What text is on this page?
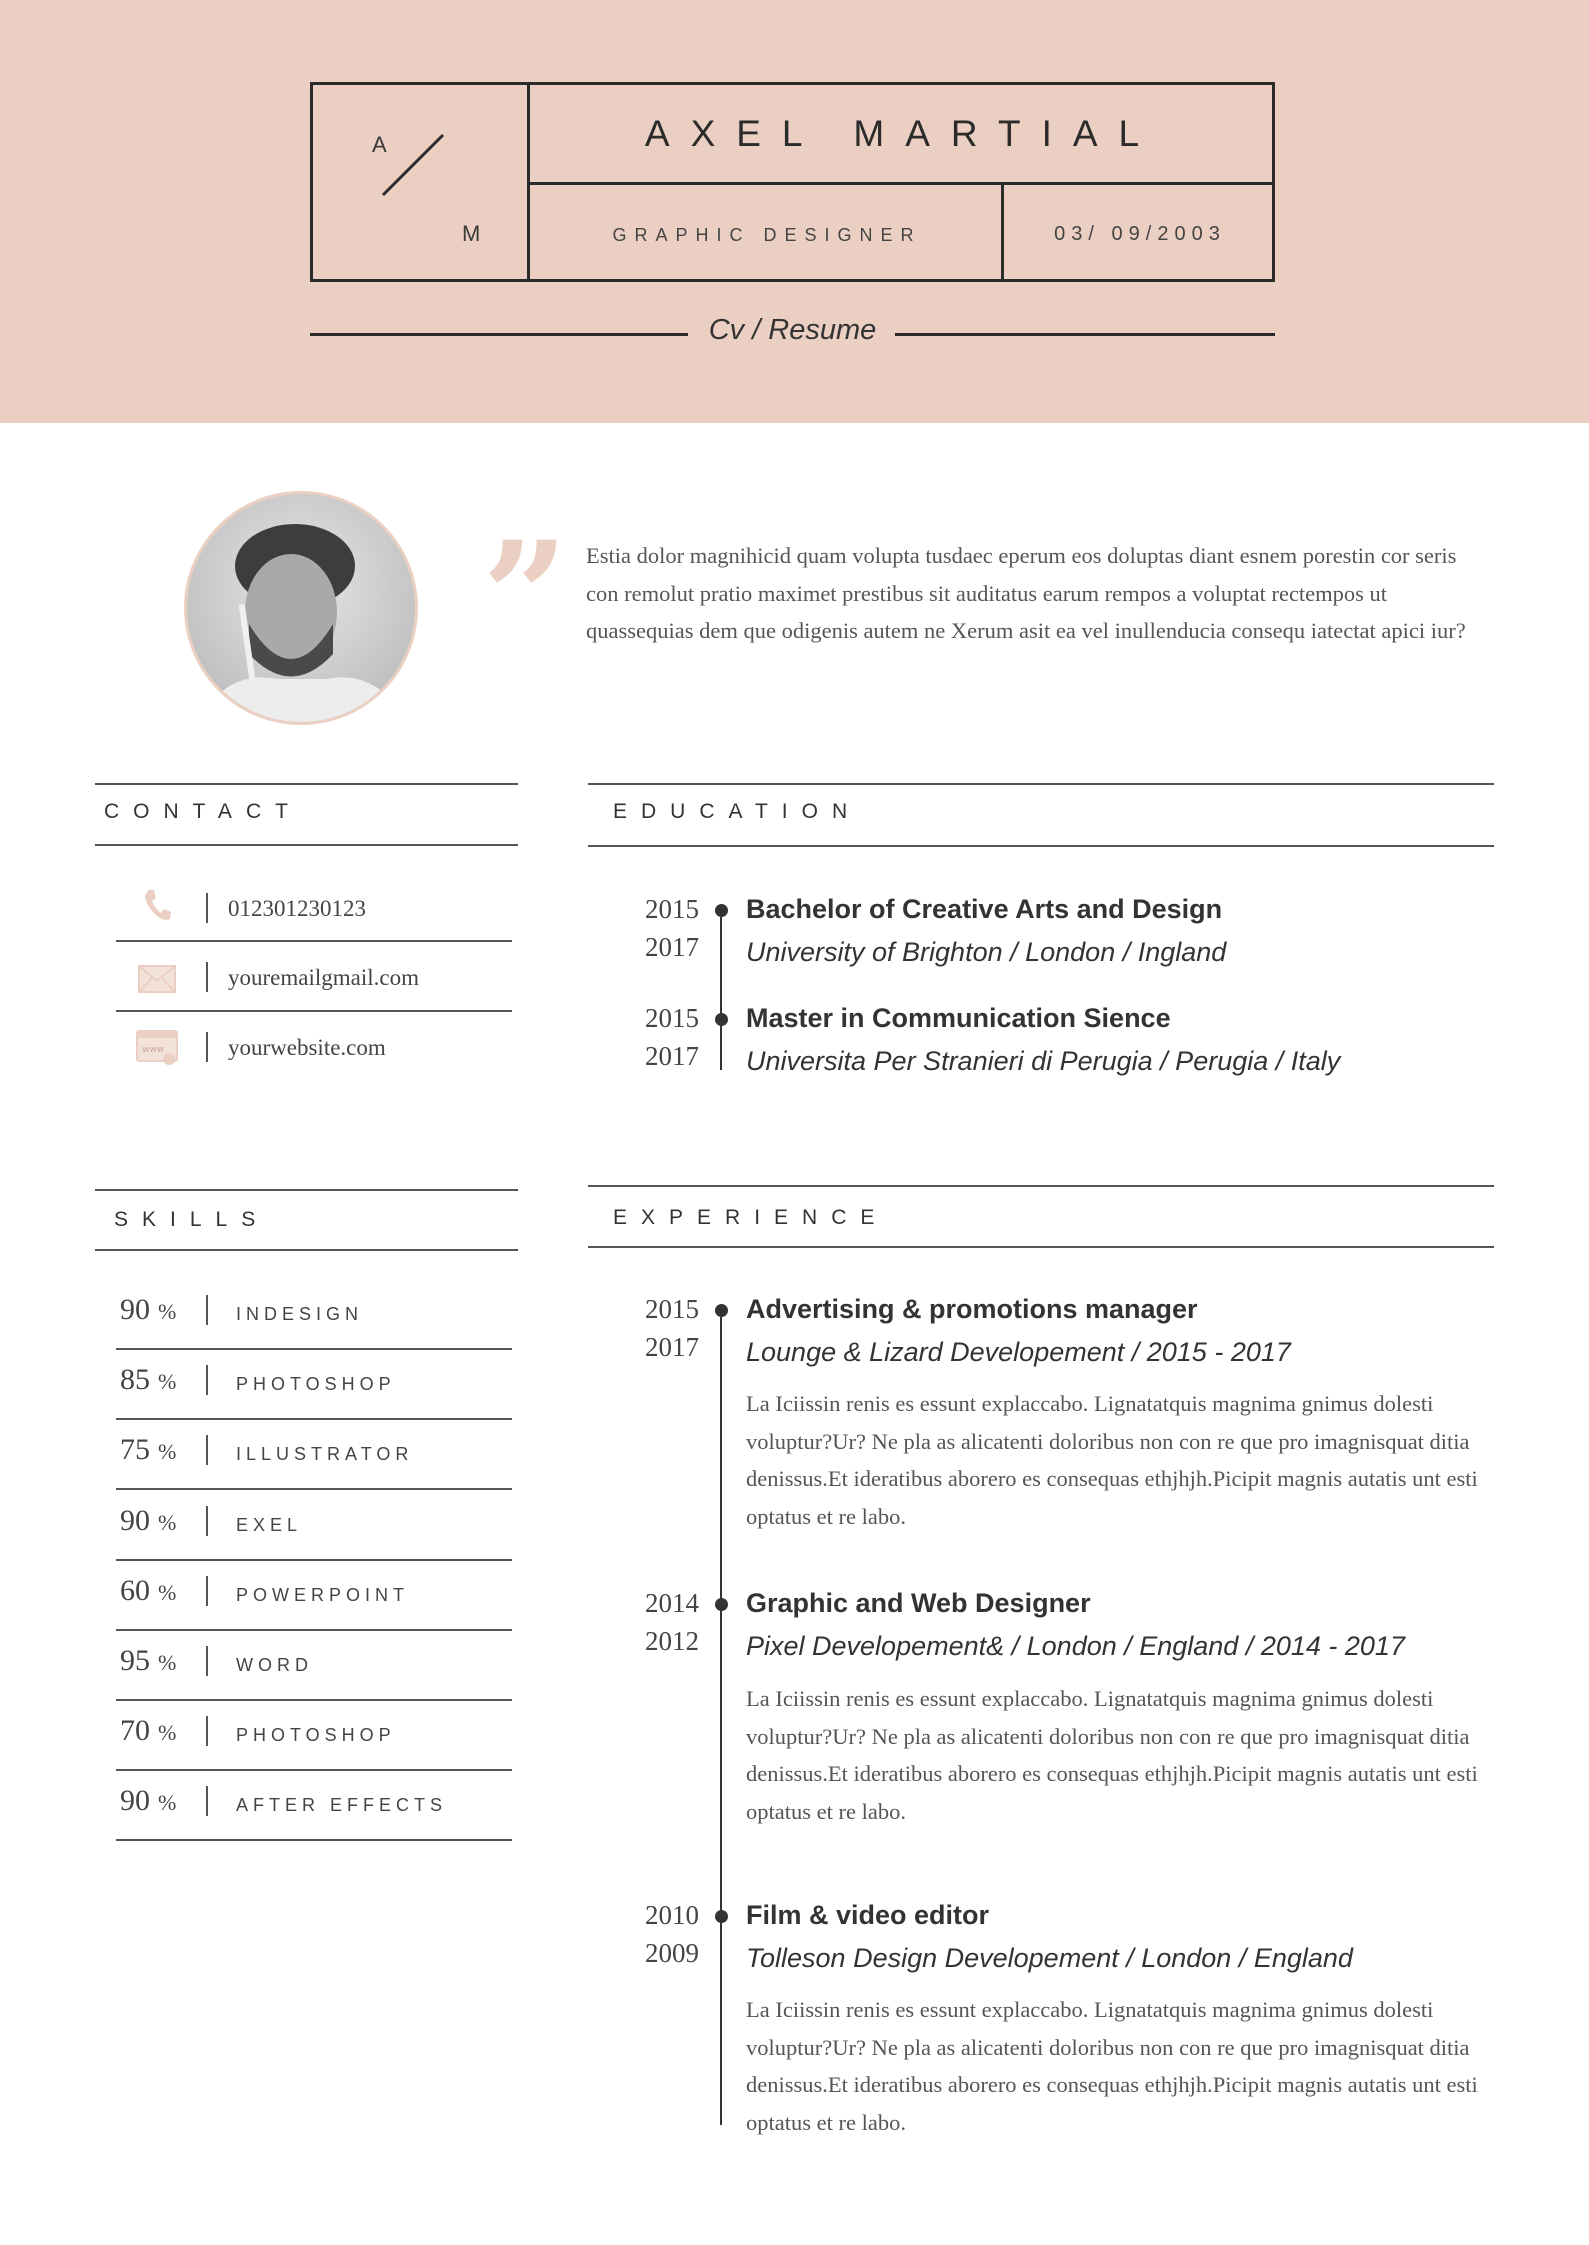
A
M
AXEL MARTIAL
GRAPHIC DESIGNER	03/ 09/2003
Cv / Resume
” Estia dolor magnihicid quam volupta tusdaec eperum eos doluptas diant esnem porestin cor seris con remolut pratio maximet prestibus sit auditatus earum rempos a voluptat rectempos ut quassequias dem que odigenis autem ne Xerum asit ea vel inullenducia consequ iatectat apici iur?
CONTACT
012301230123
youremailgmail.com
www	yourwebsite.com
SKILLS
90 %	INDESIGN
85 %	PHOTOSHOP
75 %	ILLUSTRATOR
90 %	EXEL
60 %	POWERPOINT
95 %	WORD
70 %	PHOTOSHOP
90 %	AFTER EFFECTS
EDUCATION
2015
2017
Bachelor of Creative Arts and Design
University of Brighton / London / Ingland
2015
2017
Master in Communication Sience
Universita Per Stranieri di Perugia / Perugia / Italy
EXPERIENCE
2015
2017
Advertising & promotions manager
Lounge & Lizard Developement / 2015 - 2017
La Iciissin renis es essunt explaccabo. Lignatatquis magnima gnimus dolesti voluptur?Ur? Ne pla as alicatenti doloribus non con re que pro imagnisquat ditia denissus.Et ideratibus aborero es consequas ethjhjh.Picipit magnis autatis unt esti optatus et re labo.
2014
2012
Graphic and Web Designer
Pixel Developement& / London / England / 2014 - 2017
La Iciissin renis es essunt explaccabo. Lignatatquis magnima gnimus dolesti voluptur?Ur? Ne pla as alicatenti doloribus non con re que pro imagnisquat ditia denissus.Et ideratibus aborero es consequas ethjhjh.Picipit magnis autatis unt esti optatus et re labo.
2010
2009
Film & video editor
Tolleson Design Developement / London / England
La Iciissin renis es essunt explaccabo. Lignatatquis magnima gnimus dolesti voluptur?Ur? Ne pla as alicatenti doloribus non con re que pro imagnisquat ditia denissus.Et ideratibus aborero es consequas ethjhjh.Picipit magnis autatis unt esti optatus et re labo.
